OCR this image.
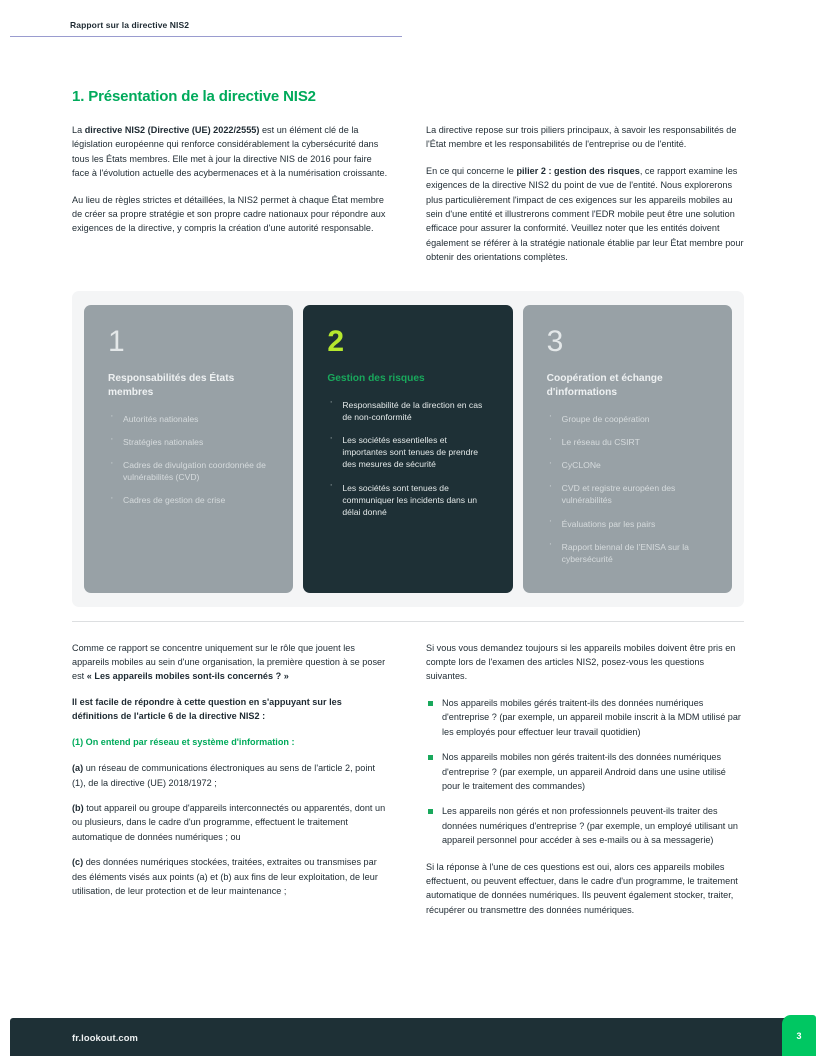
Rapport sur la directive NIS2
1. Présentation de la directive NIS2

La directive NIS2 (Directive (UE) 2022/2555) est un élément clé de la législation européenne qui renforce considérablement la cybersécurité dans tous les États membres. Elle met à jour la directive NIS de 2016 pour faire face à l'évolution actuelle des acybermenaces et à la numérisation croissante.

Au lieu de règles strictes et détaillées, la NIS2 permet à chaque État membre de créer sa propre stratégie et son propre cadre nationaux pour répondre aux exigences de la directive, y compris la création d'une autorité responsable.

La directive repose sur trois piliers principaux, à savoir les responsabilités de l'État membre et les responsabilités de l'entreprise ou de l'entité.

En ce qui concerne le pilier 2 : gestion des risques, ce rapport examine les exigences de la directive NIS2 du point de vue de l'entité. Nous explorerons plus particulièrement l'impact de ces exigences sur les appareils mobiles au sein d'une entité et illustrerons comment l'EDR mobile peut être une solution efficace pour assurer la conformité. Veuillez noter que les entités doivent également se référer à la stratégie nationale établie par leur État membre pour obtenir des orientations complètes.

1
Responsabilités des États membres
· Autorités nationales
· Stratégies nationales
· Cadres de divulgation coordonnée de vulnérabilités (CVD)
· Cadres de gestion de crise
2
Gestion des risques
· Responsabilité de la direction en cas de non-conformité
· Les sociétés essentielles et importantes sont tenues de prendre des mesures de sécurité
· Les sociétés sont tenues de communiquer les incidents dans un délai donné
3
Coopération et échange d'informations
· Groupe de coopération
· Le réseau du CSIRT
· CyCLONe
· CVD et registre européen des vulnérabilités
· Évaluations par les pairs
· Rapport biennal de l'ENISA sur la cybersécurité

Comme ce rapport se concentre uniquement sur le rôle que jouent les appareils mobiles au sein d'une organisation, la première question à se poser est « Les appareils mobiles sont-ils concernés ? »

Il est facile de répondre à cette question en s'appuyant sur les définitions de l'article 6 de la directive NIS2 :

(1) On entend par réseau et système d'information :

(a) un réseau de communications électroniques au sens de l'article 2, point (1), de la directive (UE) 2018/1972 ;

(b) tout appareil ou groupe d'appareils interconnectés ou apparentés, dont un ou plusieurs, dans le cadre d'un programme, effectuent le traitement automatique de données numériques ; ou

(c) des données numériques stockées, traitées, extraites ou transmises par des éléments visés aux points (a) et (b) aux fins de leur exploitation, de leur utilisation, de leur protection et de leur maintenance ;

Si vous vous demandez toujours si les appareils mobiles doivent être pris en compte lors de l'examen des articles NIS2, posez-vous les questions suivantes.

Nos appareils mobiles gérés traitent-ils des données numériques d'entreprise ? (par exemple, un appareil mobile inscrit à la MDM utilisé par les employés pour effectuer leur travail quotidien)
Nos appareils mobiles non gérés traitent-ils des données numériques d'entreprise ? (par exemple, un appareil Android dans une usine utilisé pour le traitement des commandes)
Les appareils non gérés et non professionnels peuvent-ils traiter des données numériques d'entreprise ? (par exemple, un employé utilisant un appareil personnel pour accéder à ses e-mails ou à sa messagerie)

Si la réponse à l'une de ces questions est oui, alors ces appareils mobiles effectuent, ou peuvent effectuer, dans le cadre d'un programme, le traitement automatique de données numériques. Ils peuvent également stocker, traiter, récupérer ou transmettre des données numériques.

fr.lookout.com	3
